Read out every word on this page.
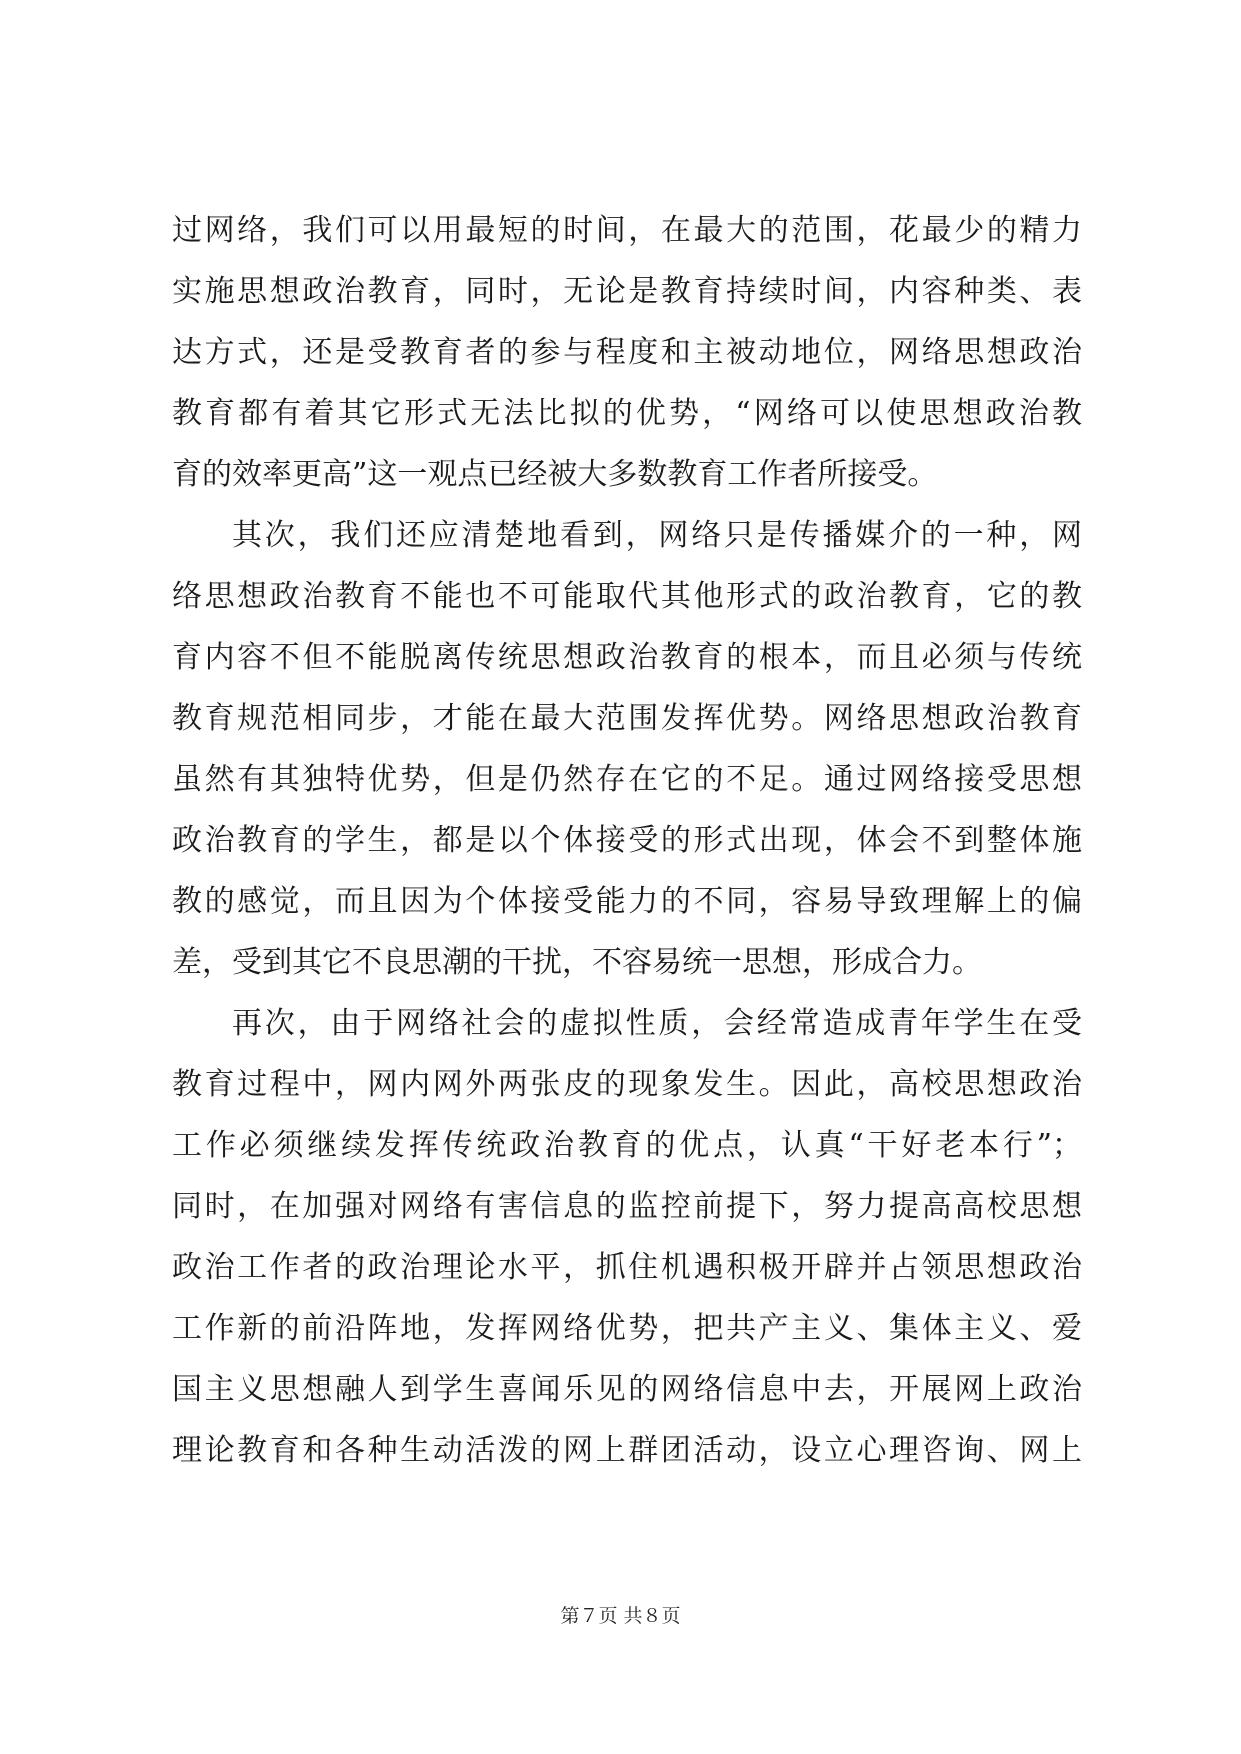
过网络，我们可以用最短的时间，在最大的范围，花最少的精力
实施思想政治教育，同时，无论是教育持续时间，内容种类、表
达方式，还是受教育者的参与程度和主被动地位，网络思想政治
教育都有着其它形式无法比拟的优势，“网络可以使思想政治教
育的效率更高”这一观点已经被大多数教育工作者所接受。
其次，我们还应清楚地看到，网络只是传播媒介的一种，网
络思想政治教育不能也不可能取代其他形式的政治教育，它的教
育内容不但不能脱离传统思想政治教育的根本，而且必须与传统
教育规范相同步，才能在最大范围发挥优势。网络思想政治教育
虽然有其独特优势，但是仍然存在它的不足。通过网络接受思想
政治教育的学生，都是以个体接受的形式出现，体会不到整体施
教的感觉，而且因为个体接受能力的不同，容易导致理解上的偏
差，受到其它不良思潮的干扰，不容易统一思想，形成合力。
再次，由于网络社会的虚拟性质，会经常造成青年学生在受
教育过程中，网内网外两张皮的现象发生。因此，高校思想政治
工作必须继续发挥传统政治教育的优点，认真“干好老本行”；
同时，在加强对网络有害信息的监控前提下，努力提高高校思想
政治工作者的政治理论水平，抓住机遇积极开辟并占领思想政治
工作新的前沿阵地，发挥网络优势，把共产主义、集体主义、爱
国主义思想融人到学生喜闻乐见的网络信息中去，开展网上政治
理论教育和各种生动活泼的网上群团活动，设立心理咨询、网上
第７页 共８页
